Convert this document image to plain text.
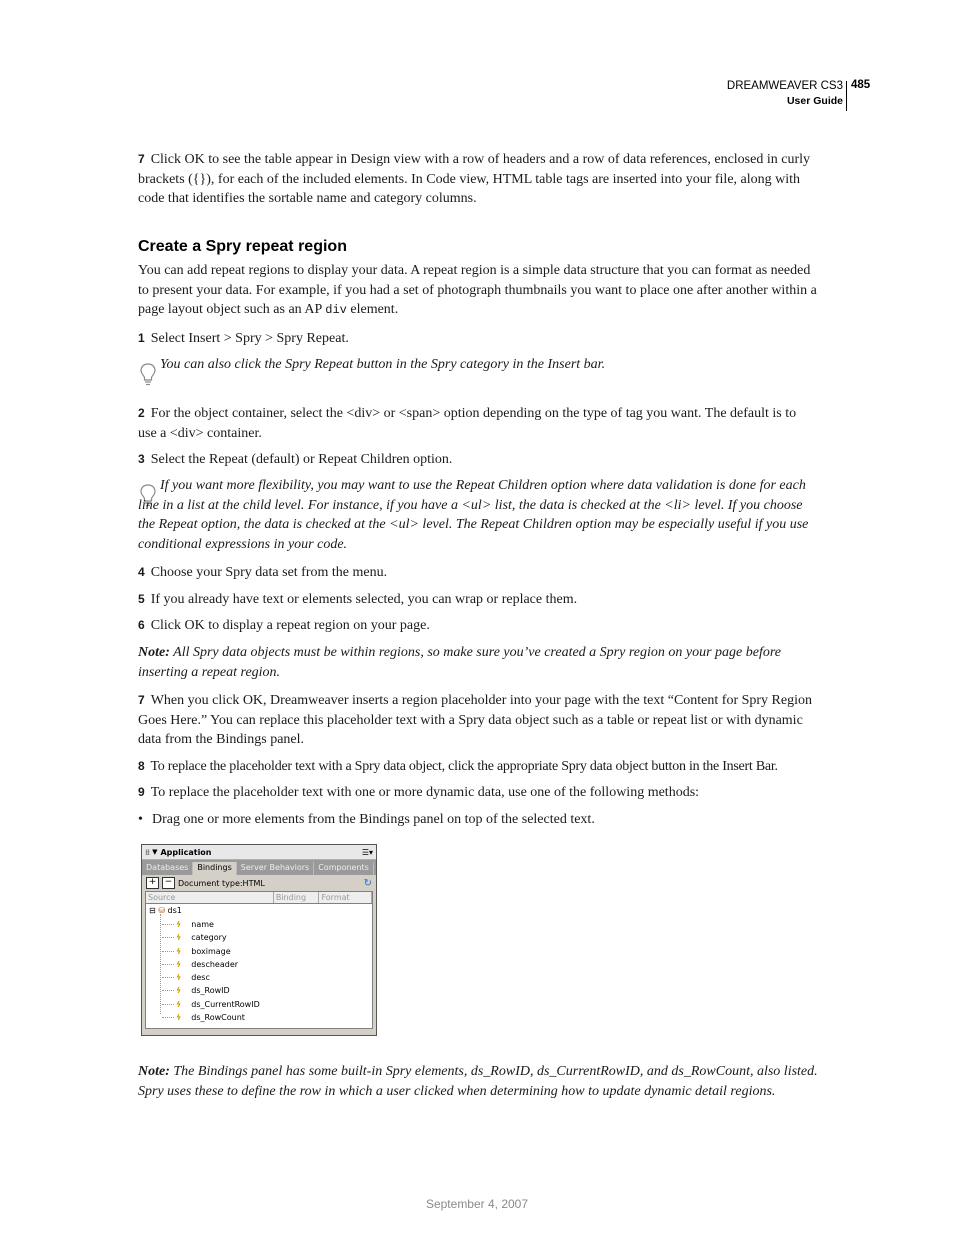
DREAMWEAVER CS3
User Guide
485

7 Click OK to see the table appear in Design view with a row of headers and a row of data references, enclosed in curly brackets ({}), for each of the included elements. In Code view, HTML table tags are inserted into your file, along with code that identifies the sortable name and category columns.

Create a Spry repeat region

You can add repeat regions to display your data. A repeat region is a simple data structure that you can format as needed to present your data. For example, if you had a set of photograph thumbnails you want to place one after another within a page layout object such as an AP div element.

1 Select Insert > Spry > Spry Repeat.

You can also click the Spry Repeat button in the Spry category in the Insert bar.

2 For the object container, select the <div> or <span> option depending on the type of tag you want. The default is to use a <div> container.

3 Select the Repeat (default) or Repeat Children option.

If you want more flexibility, you may want to use the Repeat Children option where data validation is done for each line in a list at the child level. For instance, if you have a <ul> list, the data is checked at the <li> level. If you choose the Repeat option, the data is checked at the <ul> level. The Repeat Children option may be especially useful if you use conditional expressions in your code.

4 Choose your Spry data set from the menu.

5 If you already have text or elements selected, you can wrap or replace them.

6 Click OK to display a repeat region on your page.

Note: All Spry data objects must be within regions, so make sure you’ve created a Spry region on your page before inserting a repeat region.

7 When you click OK, Dreamweaver inserts a region placeholder into your page with the text “Content for Spry Region Goes Here.” You can replace this placeholder text with a Spry data object such as a table or repeat list or with dynamic data from the Bindings panel.

8 To replace the placeholder text with a Spry data object, click the appropriate Spry data object button in the Insert Bar.

9 To replace the placeholder text with one or more dynamic data, use one of the following methods:

• Drag one or more elements from the Bindings panel on top of the selected text.

⁞⁞ ▼ Application	☰▾
Databases	Bindings	Server Behaviors	Components
+ − Document type:HTML	↻
Source	Binding	Format
⊟ ⛁ ds1
ϟ name
ϟ category
ϟ boximage
ϟ descheader
ϟ desc
ϟ ds_RowID
ϟ ds_CurrentRowID
ϟ ds_RowCount

Note: The Bindings panel has some built-in Spry elements, ds_RowID, ds_CurrentRowID, and ds_RowCount, also listed. Spry uses these to define the row in which a user clicked when determining how to update dynamic detail regions.

September 4, 2007
